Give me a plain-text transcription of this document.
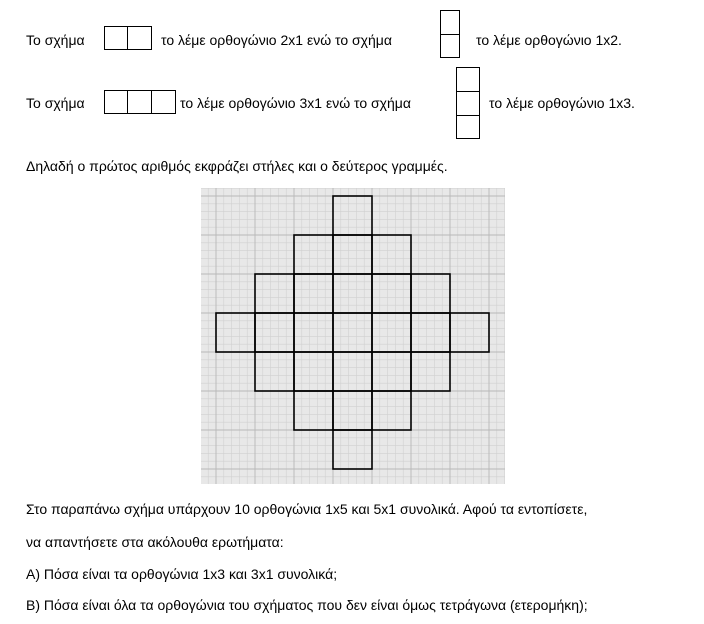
Το σχήμα	το λέμε ορθογώνιο 2x1 ενώ το σχήμα	το λέμε ορθογώνιο 1x2.
Το σχήμα	το λέμε ορθογώνιο 3x1 ενώ το σχήμα	το λέμε ορθογώνιο 1x3.
Δηλαδή ο πρώτος αριθμός εκφράζει στήλες και ο δεύτερος γραμμές.
Στο παραπάνω σχήμα υπάρχουν 10 ορθογώνια 1x5 και 5x1 συνολικά. Αφού τα εντοπίσετε,
να απαντήσετε στα ακόλουθα ερωτήματα:
Α) Πόσα είναι τα ορθογώνια 1x3 και 3x1 συνολικά;
Β) Πόσα είναι όλα τα ορθογώνια του σχήματος που δεν είναι όμως τετράγωνα (ετερομήκη);
